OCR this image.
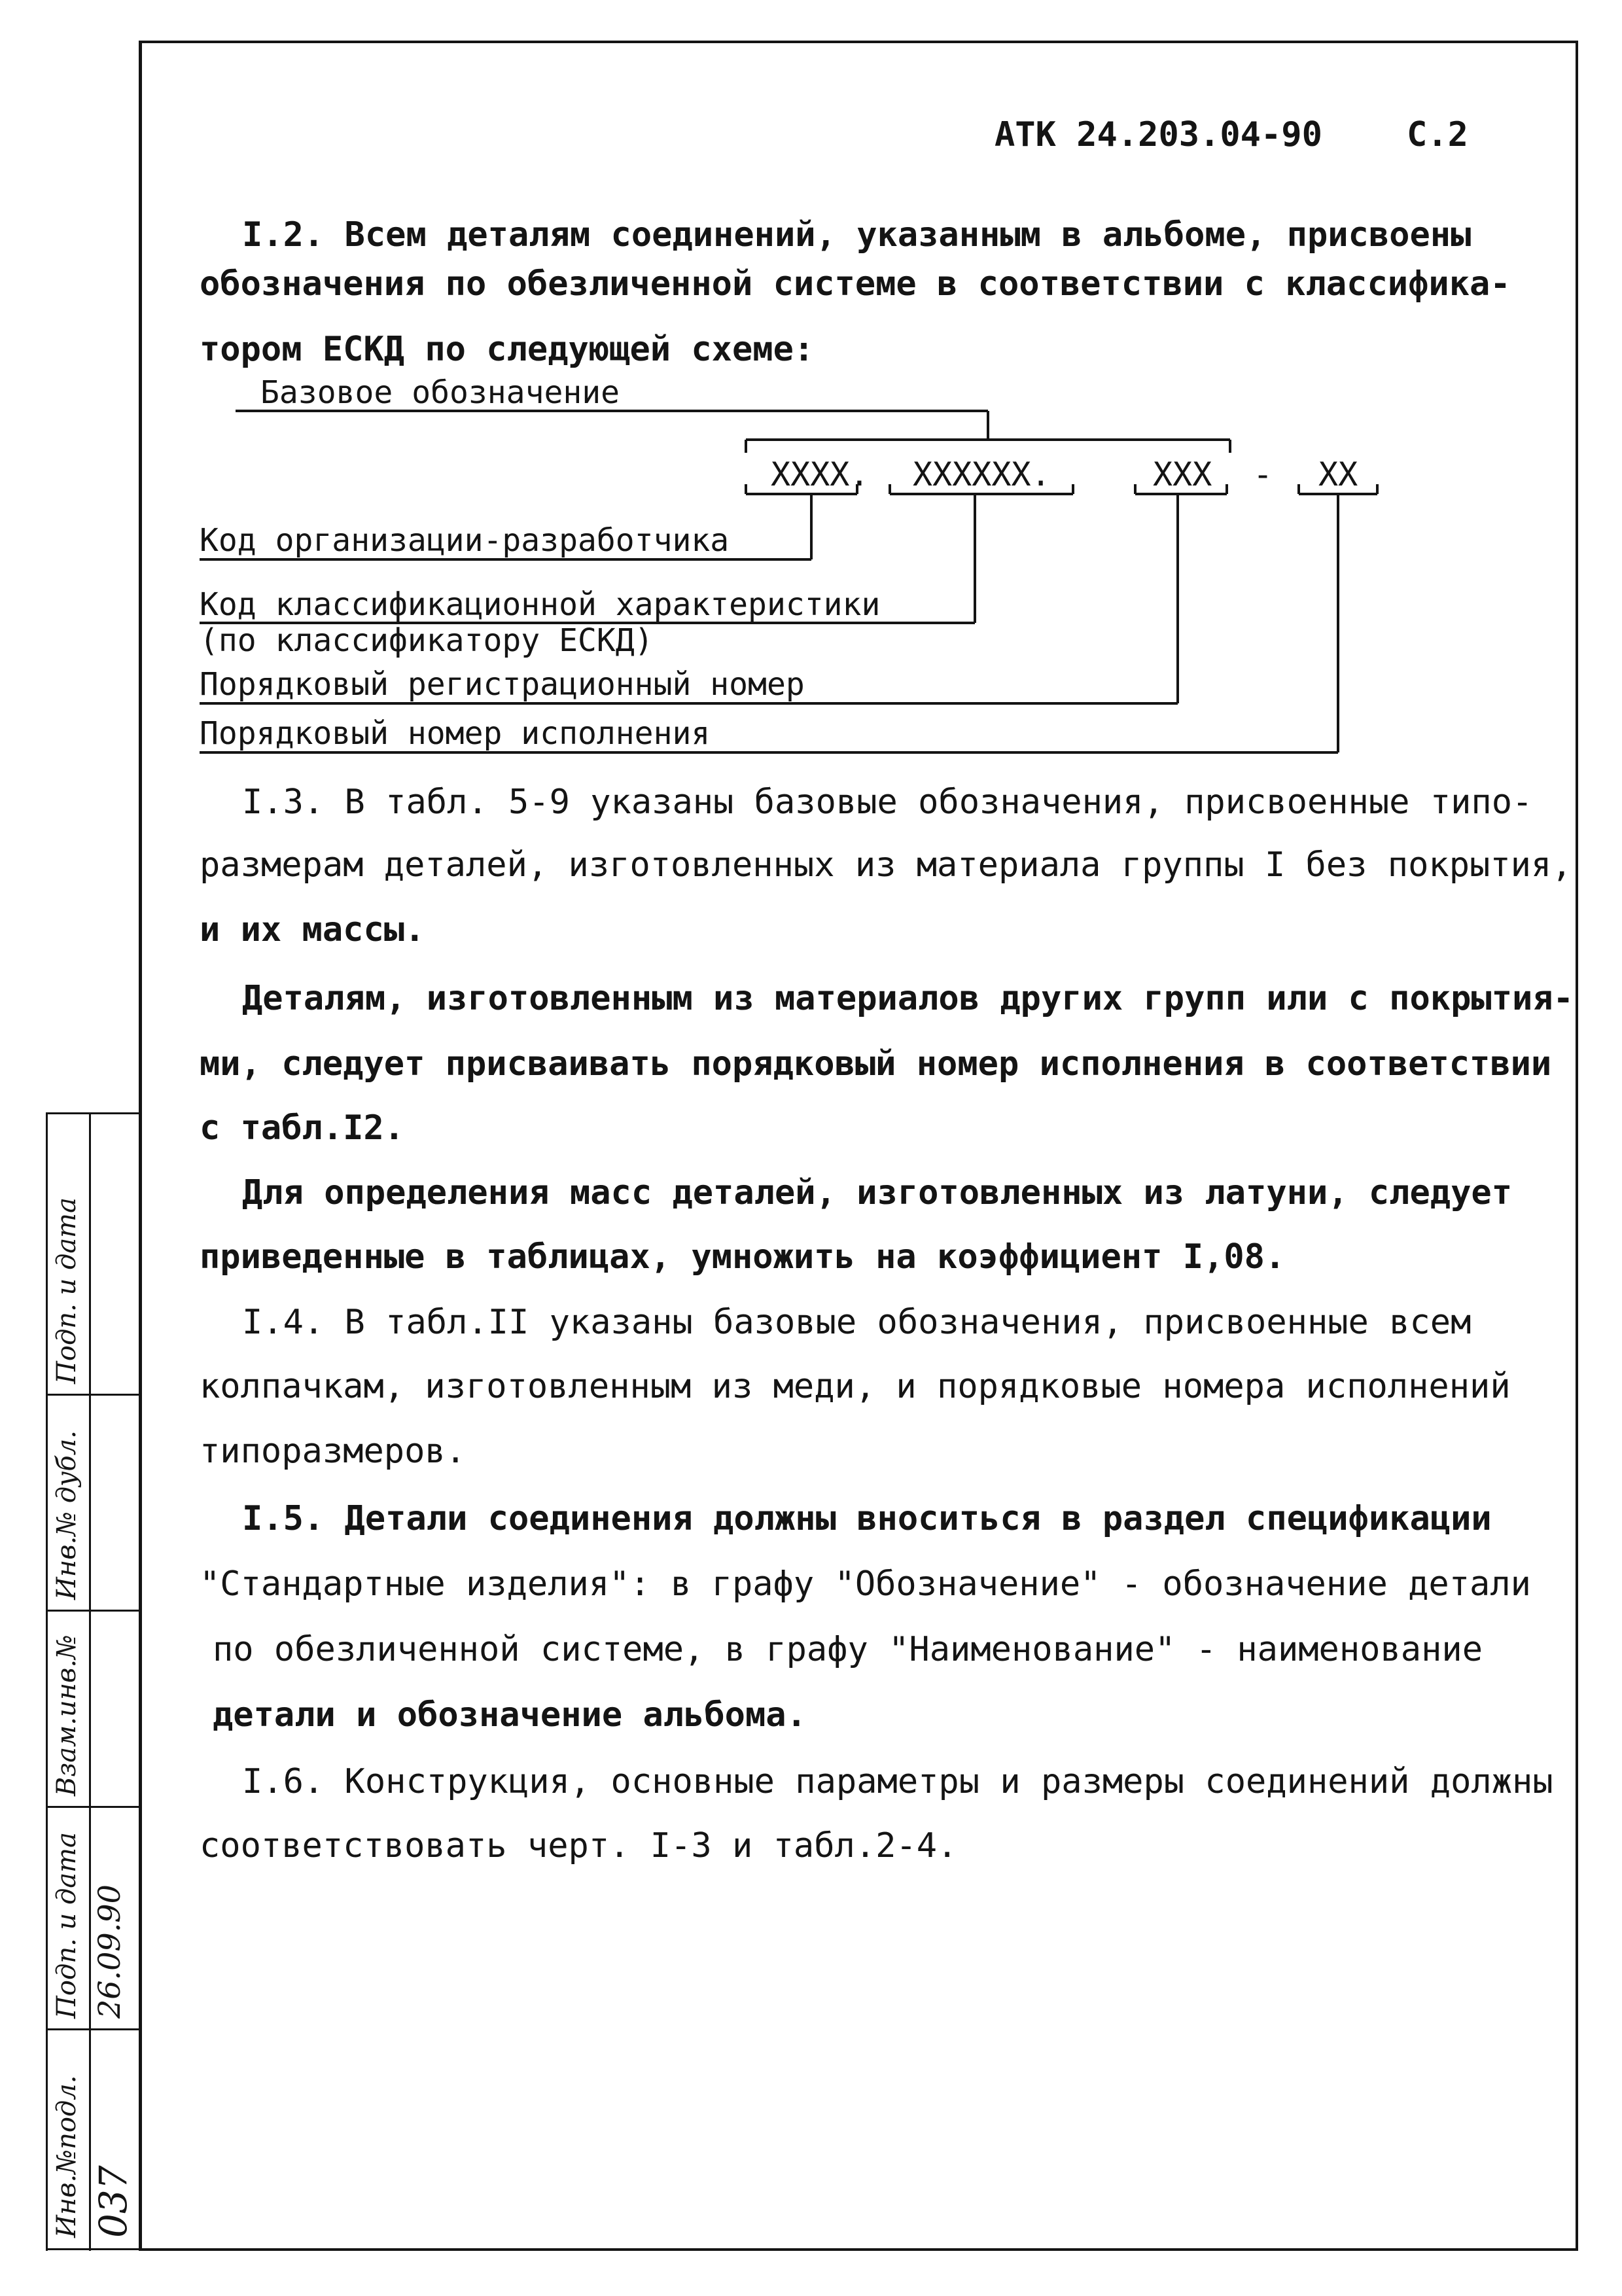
АТК 24.203.04-90 С.2
I.2. Всем деталям соединений, указанным в альбоме, присвоены
обозначения по обезличенной системе в соответствии с классифика-
тором ЕСКД по следующей схеме:
Базовое обозначение
XXXX. XXXXXX.	XXX - XX
Код организации-разработчика
Код классификационной характеристики
(по классификатору ЕСКД)
Порядковый регистрационный номер
Порядковый номер исполнения
I.3. В табл. 5-9 указаны базовые обозначения, присвоенные типо-
размерам деталей, изготовленных из материала группы I без покрытия,
и их массы.
Деталям, изготовленным из материалов других групп или с покрытия-
ми, следует присваивать порядковый номер исполнения в соответствии
с табл.I2.
Для определения масс деталей, изготовленных из латуни, следует
приведенные в таблицах, умножить на коэффициент I,08.
I.4. В табл.II указаны базовые обозначения, присвоенные всем
колпачкам, изготовленным из меди, и порядковые номера исполнений
типоразмеров.
I.5. Детали соединения должны вноситься в раздел спецификации
"Стандартные изделия": в графу "Обозначение" - обозначение детали
по обезличенной системе, в графу "Наименование" - наименование
детали и обозначение альбома.
I.6. Конструкция, основные параметры и размеры соединений должны
соответствовать черт. I-3 и табл.2-4.
Подп. и дата
Инв.№ дубл.
Взам.инв.№
Подп. и дата
Инв.№подл.
26.09.90
037
